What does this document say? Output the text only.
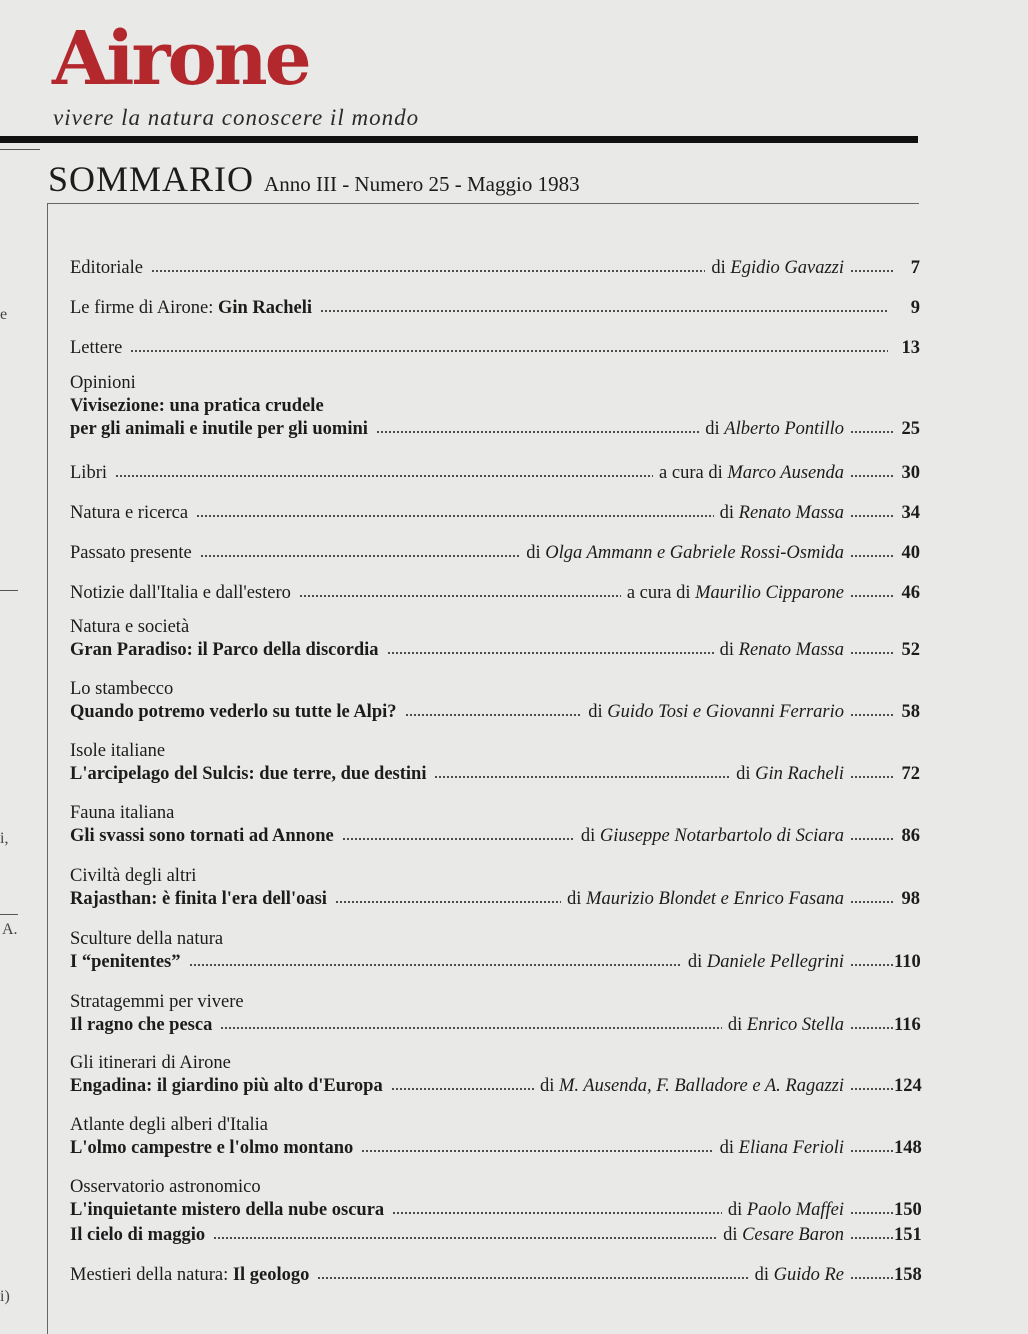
Airone
vivere la natura conoscere il mondo
SOMMARIO Anno III - Numero 25 - Maggio 1983
e
i,
A.
i)
Editoriale	di Egidio Gavazzi	7
Le firme di Airone: Gin Racheli	9
Lettere	13
Opinioni
Vivisezione: una pratica crudele
per gli animali e inutile per gli uomini	di Alberto Pontillo	25
Libri	a cura di Marco Ausenda	30
Natura e ricerca	di Renato Massa	34
Passato presente	di Olga Ammann e Gabriele Rossi-Osmida	40
Notizie dall'Italia e dall'estero	a cura di Maurilio Cipparone	46
Natura e società
Gran Paradiso: il Parco della discordia	di Renato Massa	52
Lo stambecco
Quando potremo vederlo su tutte le Alpi?	di Guido Tosi e Giovanni Ferrario	58
Isole italiane
L'arcipelago del Sulcis: due terre, due destini	di Gin Racheli	72
Fauna italiana
Gli svassi sono tornati ad Annone	di Giuseppe Notarbartolo di Sciara	86
Civiltà degli altri
Rajasthan: è finita l'era dell'oasi	di Maurizio Blondet e Enrico Fasana	98
Sculture della natura
I “penitentes”	di Daniele Pellegrini	110
Stratagemmi per vivere
Il ragno che pesca	di Enrico Stella	116
Gli itinerari di Airone
Engadina: il giardino più alto d'Europa	di M. Ausenda, F. Balladore e A. Ragazzi	124
Atlante degli alberi d'Italia
L'olmo campestre e l'olmo montano	di Eliana Ferioli	148
Osservatorio astronomico
L'inquietante mistero della nube oscura	di Paolo Maffei	150
Il cielo di maggio	di Cesare Baron	151
Mestieri della natura: Il geologo	di Guido Re	158
